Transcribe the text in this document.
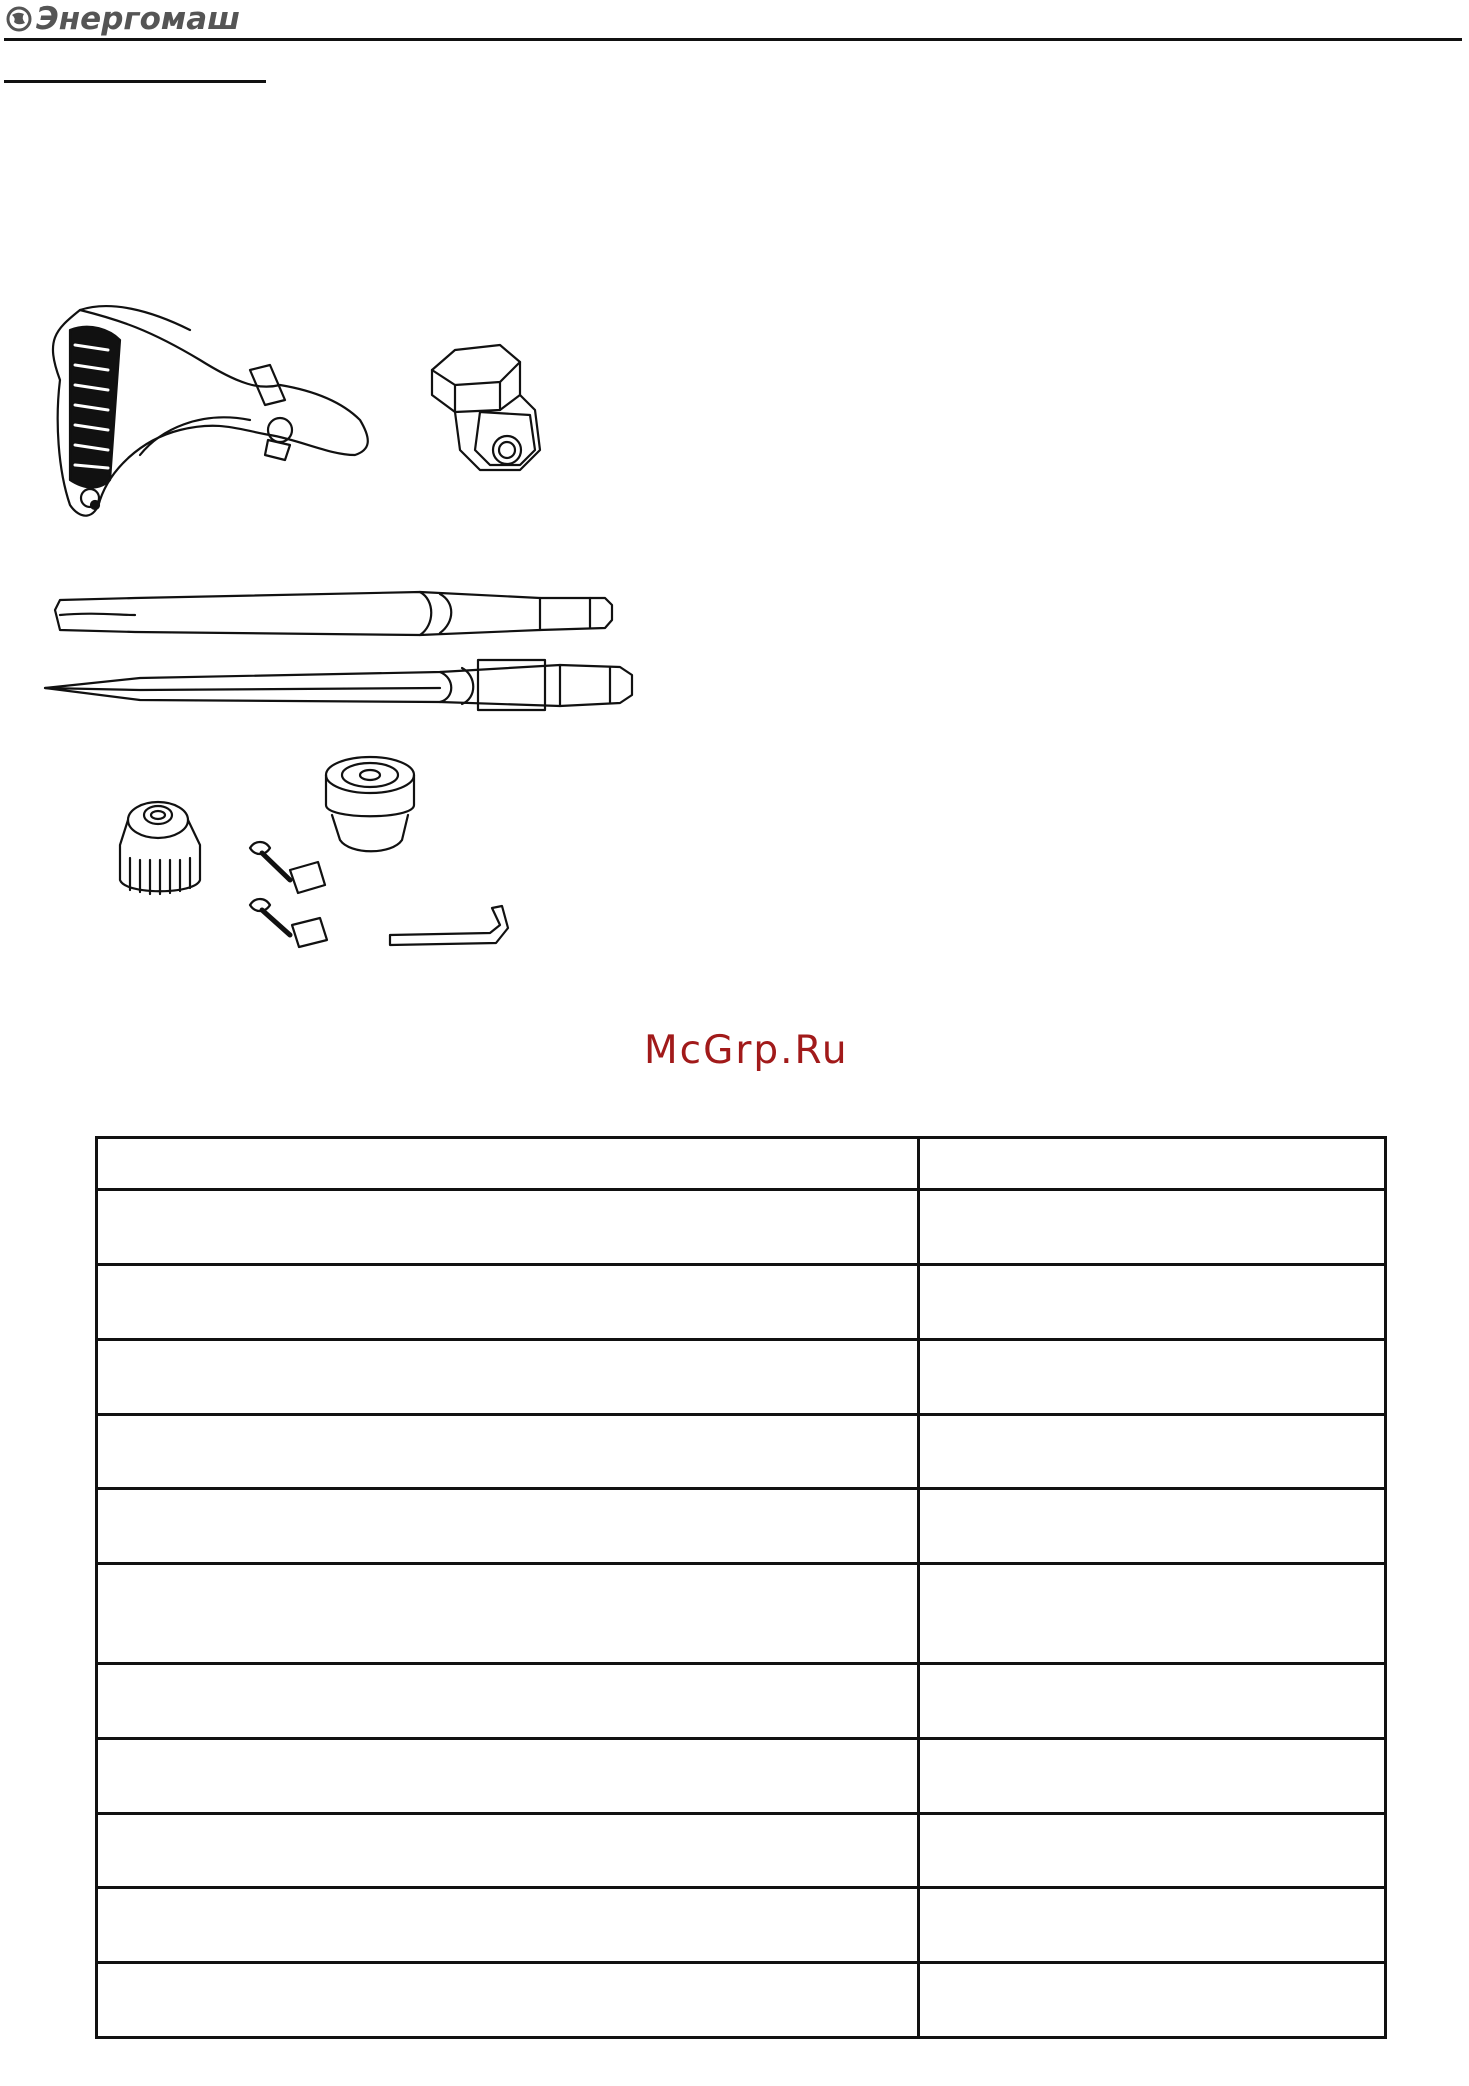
Энергомаш
McGrp.Ru
